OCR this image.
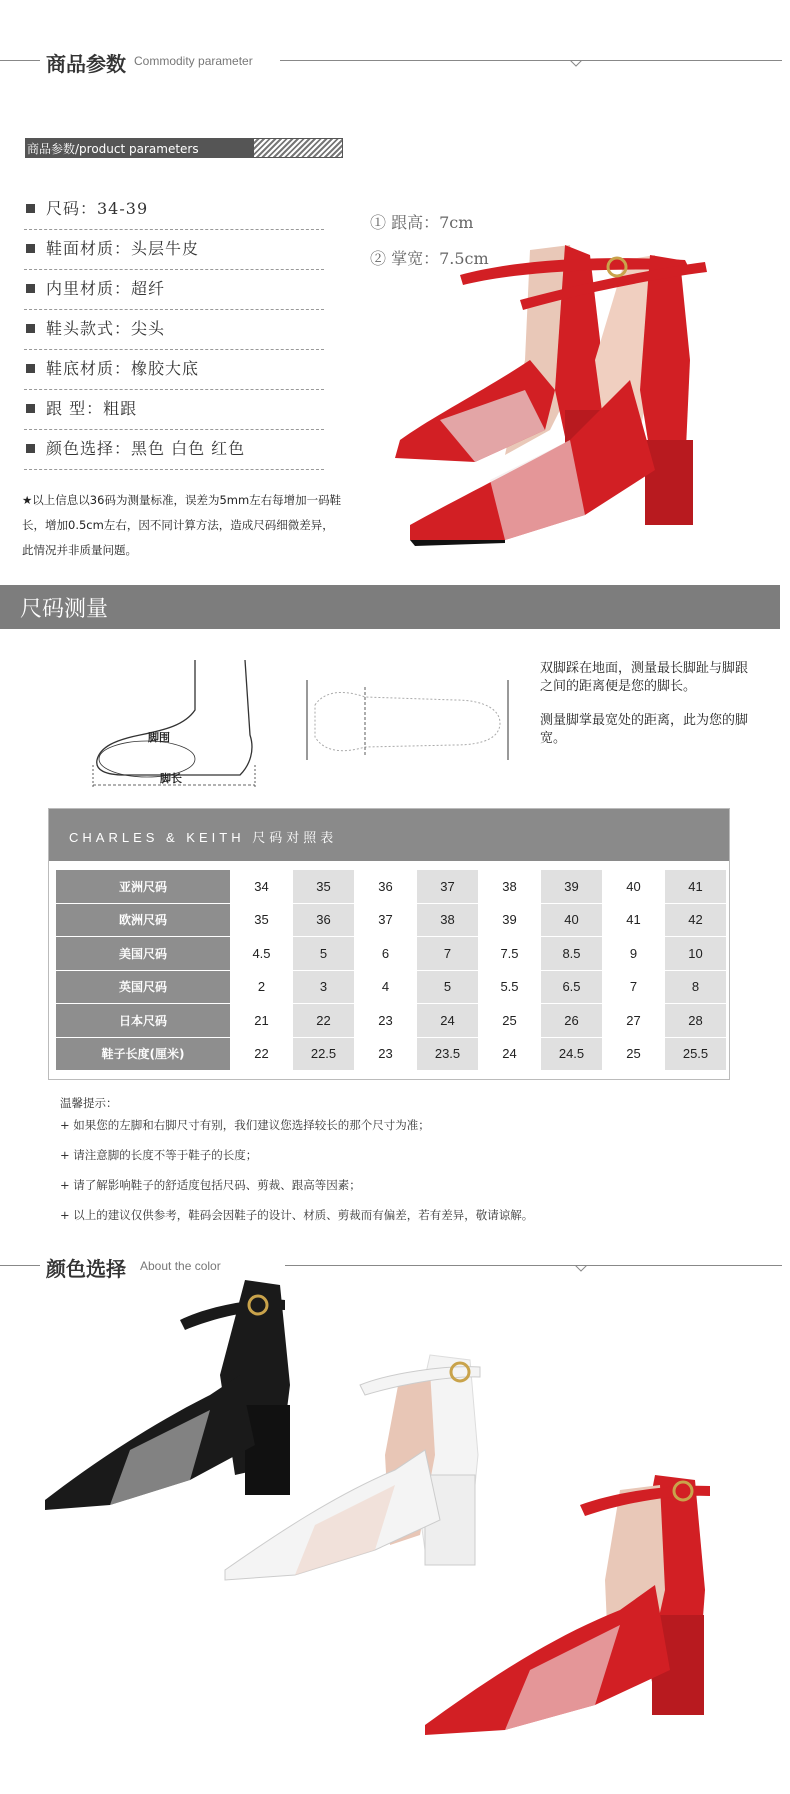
商品参数 Commodity parameter
商品参数/product parameters
尺码：34-39
鞋面材质：头层牛皮
内里材质：超纤
鞋头款式：尖头
鞋底材质：橡胶大底
跟 型：粗跟
颜色选择：黑色 白色 红色
★以上信息以36码为测量标准，误差为5mm左右每增加一码鞋长，增加0.5cm左右，因不同计算方法，造成尺码细微差异，此情况并非质量问题。
① 跟高：7cm
② 掌宽：7.5cm
尺码测量
脚围
脚长

双脚踩在地面，测量最长脚趾与脚跟之间的距离便是您的脚长。

测量脚掌最宽处的距离，此为您的脚宽。

CHARLES & KEITH 尺码对照表
亚洲尺码	34	35	36	37	38	39	40	41
欧洲尺码	35	36	37	38	39	40	41	42
美国尺码	4.5	5	6	7	7.5	8.5	9	10
英国尺码	2	3	4	5	5.5	6.5	7	8
日本尺码	21	22	23	24	25	26	27	28
鞋子长度(厘米)	22	22.5	23	23.5	24	24.5	25	25.5
温馨提示：
+ 如果您的左脚和右脚尺寸有别，我们建议您选择较长的那个尺寸为准；
+ 请注意脚的长度不等于鞋子的长度；
+ 请了解影响鞋子的舒适度包括尺码、剪裁、跟高等因素；
+ 以上的建议仅供参考，鞋码会因鞋子的设计、材质、剪裁而有偏差，若有差异，敬请谅解。
颜色选择 About the color
